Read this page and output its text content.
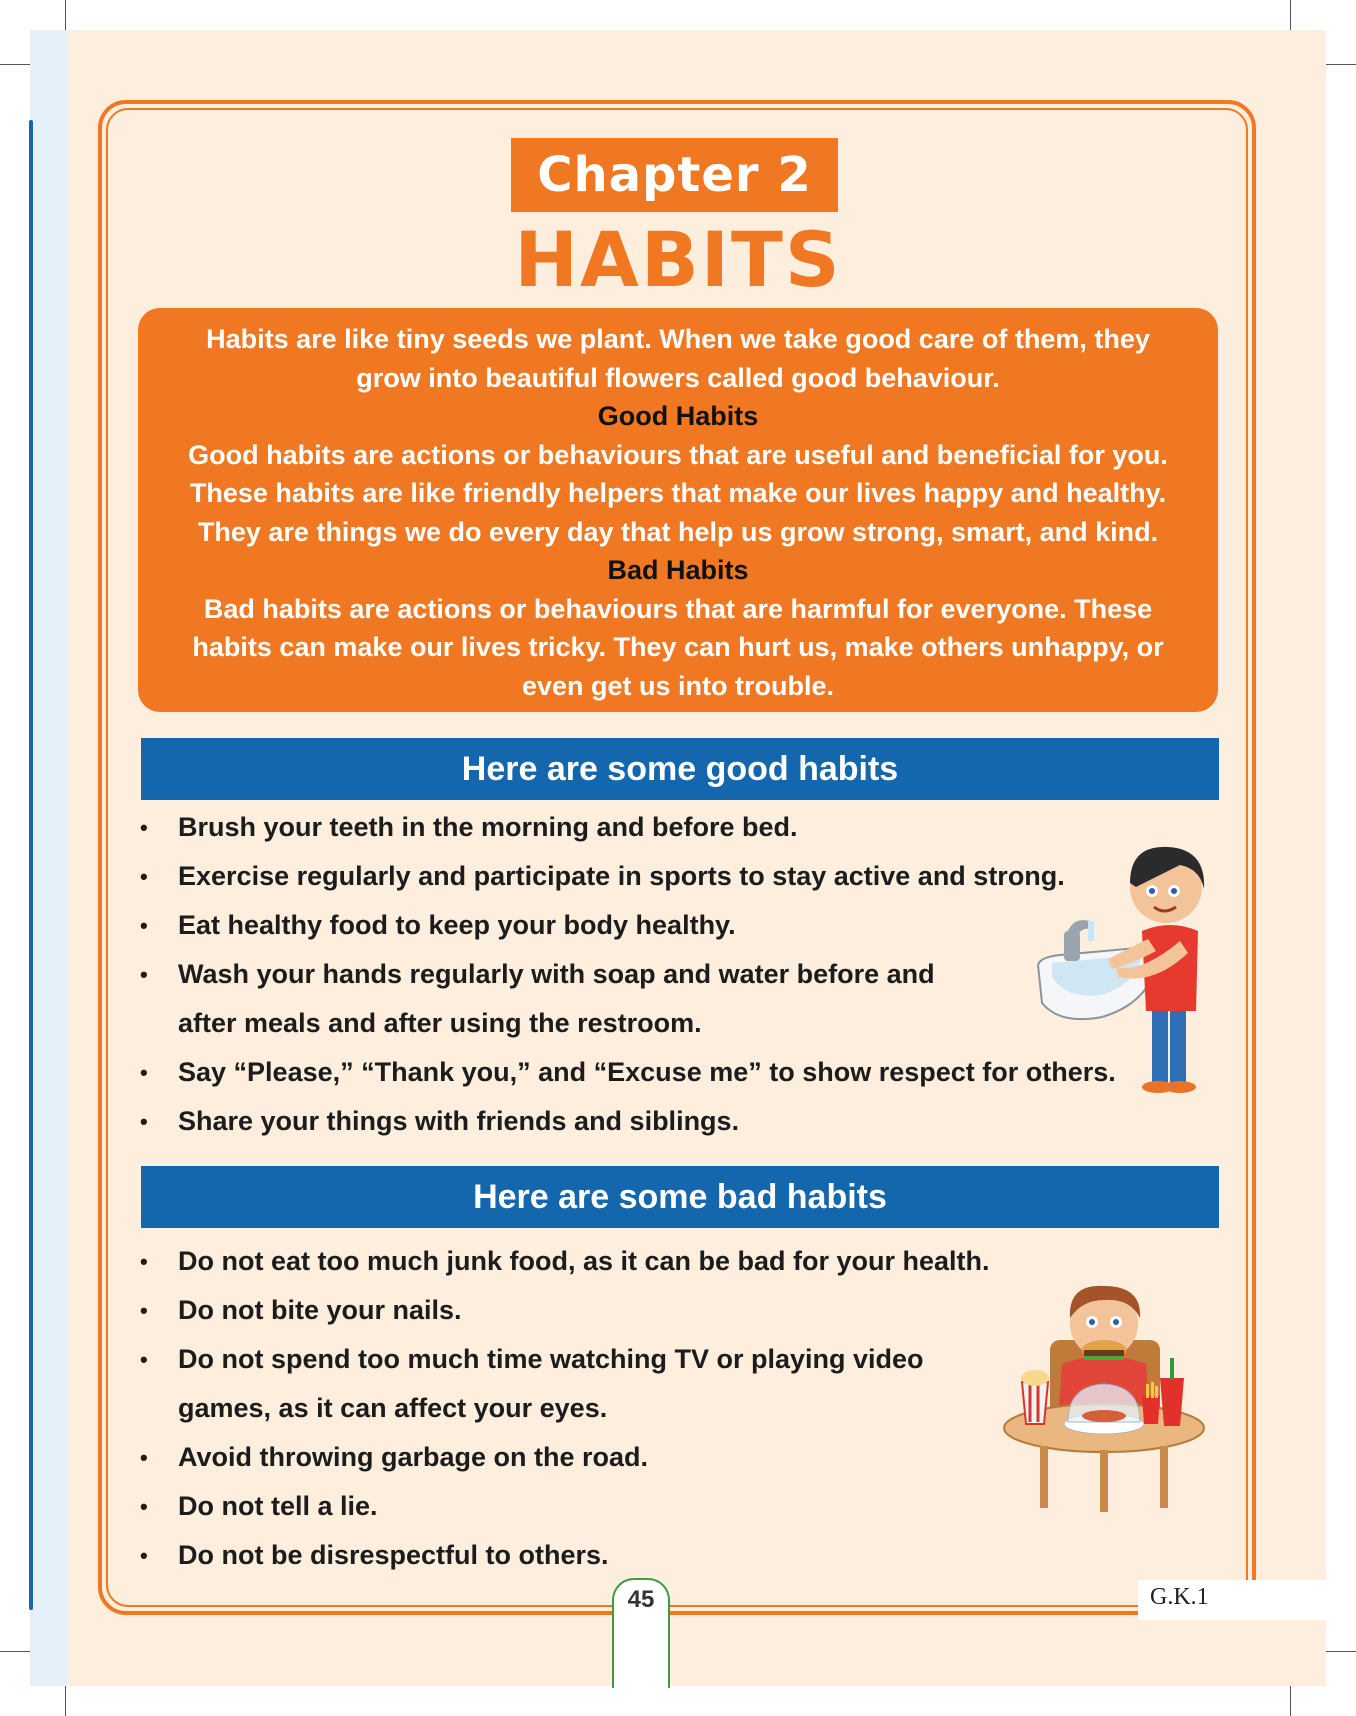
Chapter 2
HABITS
Habits are like tiny seeds we plant. When we take good care of them, they
grow into beautiful flowers called good behaviour.
Good Habits
Good habits are actions or behaviours that are useful and beneficial for you.
These habits are like friendly helpers that make our lives happy and healthy.
They are things we do every day that help us grow strong, smart, and kind.
Bad Habits
Bad habits are actions or behaviours that are harmful for everyone. These
habits can make our lives tricky. They can hurt us, make others unhappy, or
even get us into trouble.
Here are some good habits
• Brush your teeth in the morning and before bed.
• Exercise regularly and participate in sports to stay active and strong.
• Eat healthy food to keep your body healthy.
• Wash your hands regularly with soap and water before and
after meals and after using the restroom.
• Say “Please,” “Thank you,” and “Excuse me” to show respect for others.
• Share your things with friends and siblings.
Here are some bad habits
• Do not eat too much junk food, as it can be bad for your health.
• Do not bite your nails.
• Do not spend too much time watching TV or playing video
games, as it can affect your eyes.
• Avoid throwing garbage on the road.
• Do not tell a lie.
• Do not be disrespectful to others.
45	G.K.1
